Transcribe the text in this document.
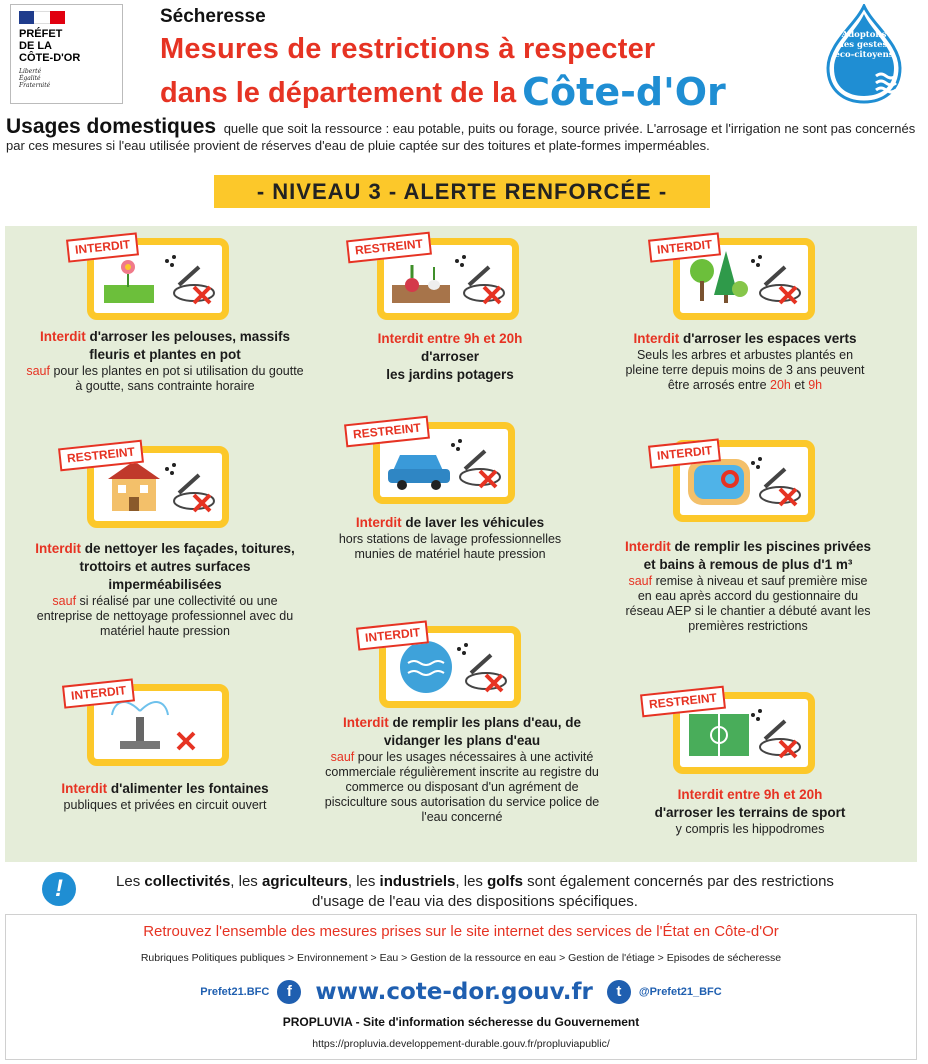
PRÉFET
DE LA
CÔTE-D'OR
Liberté
Égalité
Fraternité
Sécheresse
Mesures de restrictions à respecter
dans le département de la Côte-d'Or
Adoptons
les gestes
éco-citoyens
Usages domestiques quelle que soit la ressource : eau potable, puits ou forage, source privée. L'arrosage et l'irrigation ne sont pas concernés par ces mesures si l'eau utilisée provient de réserves d'eau de pluie captée sur des toitures et plate-formes imperméables.
- NIVEAU 3 - ALERTE RENFORCÉE -
INTERDIT
Interdit d'arroser les pelouses, massifs fleuris et plantes en pot
sauf pour les plantes en pot si utilisation du goutte à goutte, sans contrainte horaire
RESTREINT
Interdit entre 9h et 20h
d'arroser
les jardins potagers
INTERDIT
Interdit d'arroser les espaces verts
Seuls les arbres et arbustes plantés en pleine terre depuis moins de 3 ans peuvent être arrosés entre 20h et 9h
RESTREINT
Interdit de nettoyer les façades, toitures, trottoirs et autres surfaces imperméabilisées
sauf si réalisé par une collectivité ou une entreprise de nettoyage professionnel avec du matériel haute pression
RESTREINT
Interdit de laver les véhicules
hors stations de lavage professionnelles munies de matériel haute pression
INTERDIT
Interdit de remplir les piscines privées et bains à remous de plus d'1 m³
sauf remise à niveau et sauf première mise en eau après accord du gestionnaire du réseau AEP si le chantier a débuté avant les premières restrictions
INTERDIT
Interdit d'alimenter les fontaines
publiques et privées en circuit ouvert
INTERDIT
Interdit de remplir les plans d'eau, de vidanger les plans d'eau
sauf pour les usages nécessaires à une activité commerciale régulièrement inscrite au registre du commerce ou disposant d'un agrément de pisciculture sous autorisation du service police de l'eau concerné
RESTREINT
Interdit entre 9h et 20h
d'arroser les terrains de sport
y compris les hippodromes
!	Les collectivités, les agriculteurs, les industriels, les golfs sont également concernés par des restrictions d'usage de l'eau via des dispositions spécifiques.
Retrouvez l'ensemble des mesures prises sur le site internet des services de l'État en Côte-d'Or
Rubriques Politiques publiques > Environnement > Eau > Gestion de la ressource en eau > Gestion de l'étiage > Episodes de sécheresse
Prefet21.BFC	f	www.cote-dor.gouv.fr	t	@Prefet21_BFC
PROPLUVIA - Site d'information sécheresse du Gouvernement
https://propluvia.developpement-durable.gouv.fr/propluviapublic/
